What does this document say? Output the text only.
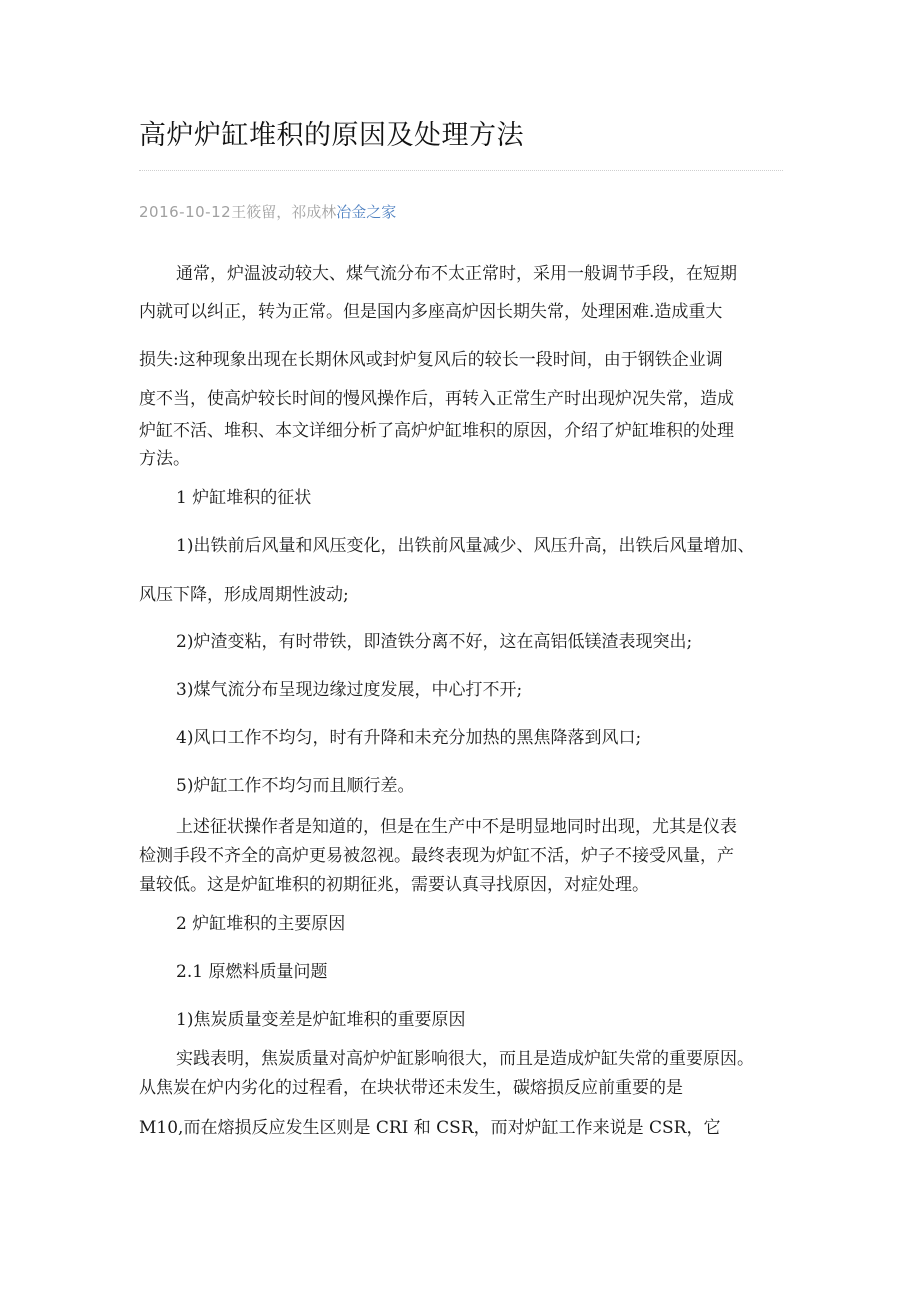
高炉炉缸堆积的原因及处理方法
2016-10-12王筱留，祁成林冶金之家
通常，炉温波动较大、煤气流分布不太正常时，采用一般调节手段，在短期
内就可以纠正，转为正常。但是国内多座高炉因长期失常，处理困难.造成重大
损失:这种现象出现在长期休风或封炉复风后的较长一段时间，由于钢铁企业调
度不当，使高炉较长时间的慢风操作后，再转入正常生产时出现炉况失常，造成
炉缸不活、堆积、本文详细分析了高炉炉缸堆积的原因，介绍了炉缸堆积的处理
方法。
1 炉缸堆积的征状
1)出铁前后风量和风压变化，出铁前风量减少、风压升高，出铁后风量增加、
风压下降，形成周期性波动;
2)炉渣变粘，有时带铁，即渣铁分离不好，这在高铝低镁渣表现突出;
3)煤气流分布呈现边缘过度发展，中心打不开;
4)风口工作不均匀，时有升降和未充分加热的黑焦降落到风口;
5)炉缸工作不均匀而且顺行差。
上述征状操作者是知道的，但是在生产中不是明显地同时出现，尤其是仪表
检测手段不齐全的高炉更易被忽视。最终表现为炉缸不活，炉子不接受风量，产
量较低。这是炉缸堆积的初期征兆，需要认真寻找原因，对症处理。
2 炉缸堆积的主要原因
2.1 原燃料质量问题
1)焦炭质量变差是炉缸堆积的重要原因
实践表明，焦炭质量对高炉炉缸影响很大，而且是造成炉缸失常的重要原因。
从焦炭在炉内劣化的过程看，在块状带还未发生，碳熔损反应前重要的是
M10,而在熔损反应发生区则是 CRI 和 CSR，而对炉缸工作来说是 CSR，它
